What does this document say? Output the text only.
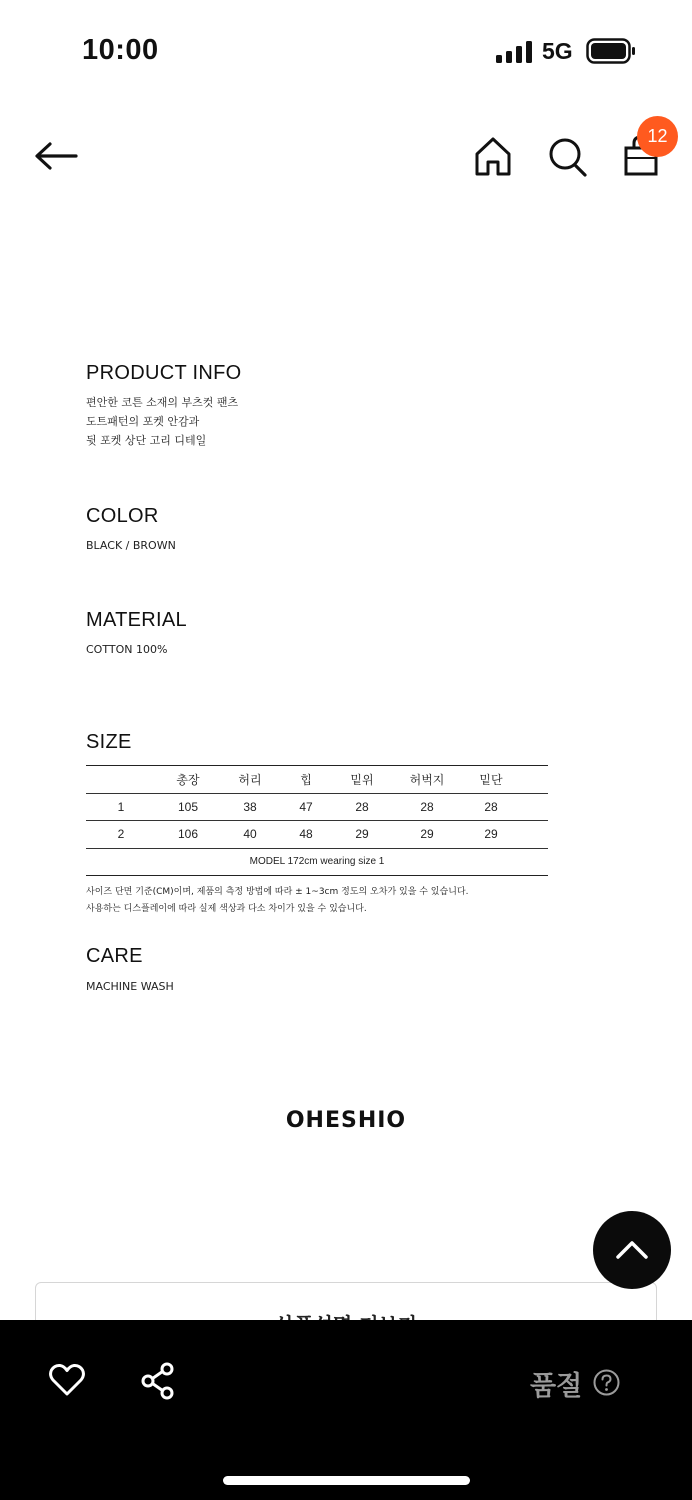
10:00	5G
12
PRODUCT INFO
편안한 코튼 소재의 부츠컷 팬츠
도트패턴의 포켓 안감과
뒷 포켓 상단 고리 디테일
COLOR
BLACK / BROWN
MATERIAL
COTTON 100%
SIZE
	총장	허리	힙	밑위	허벅지	밑단	
1	105	38	47	28	28	28	
2	106	40	48	29	29	29	
MODEL 172cm wearing size 1							
사이즈 단면 기준(CM)이며, 제품의 측정 방법에 따라 ± 1~3cm 정도의 오차가 있을 수 있습니다.
사용하는 디스플레이에 따라 실제 색상과 다소 차이가 있을 수 있습니다.
CARE
MACHINE WASH
OHESHIO
품절
